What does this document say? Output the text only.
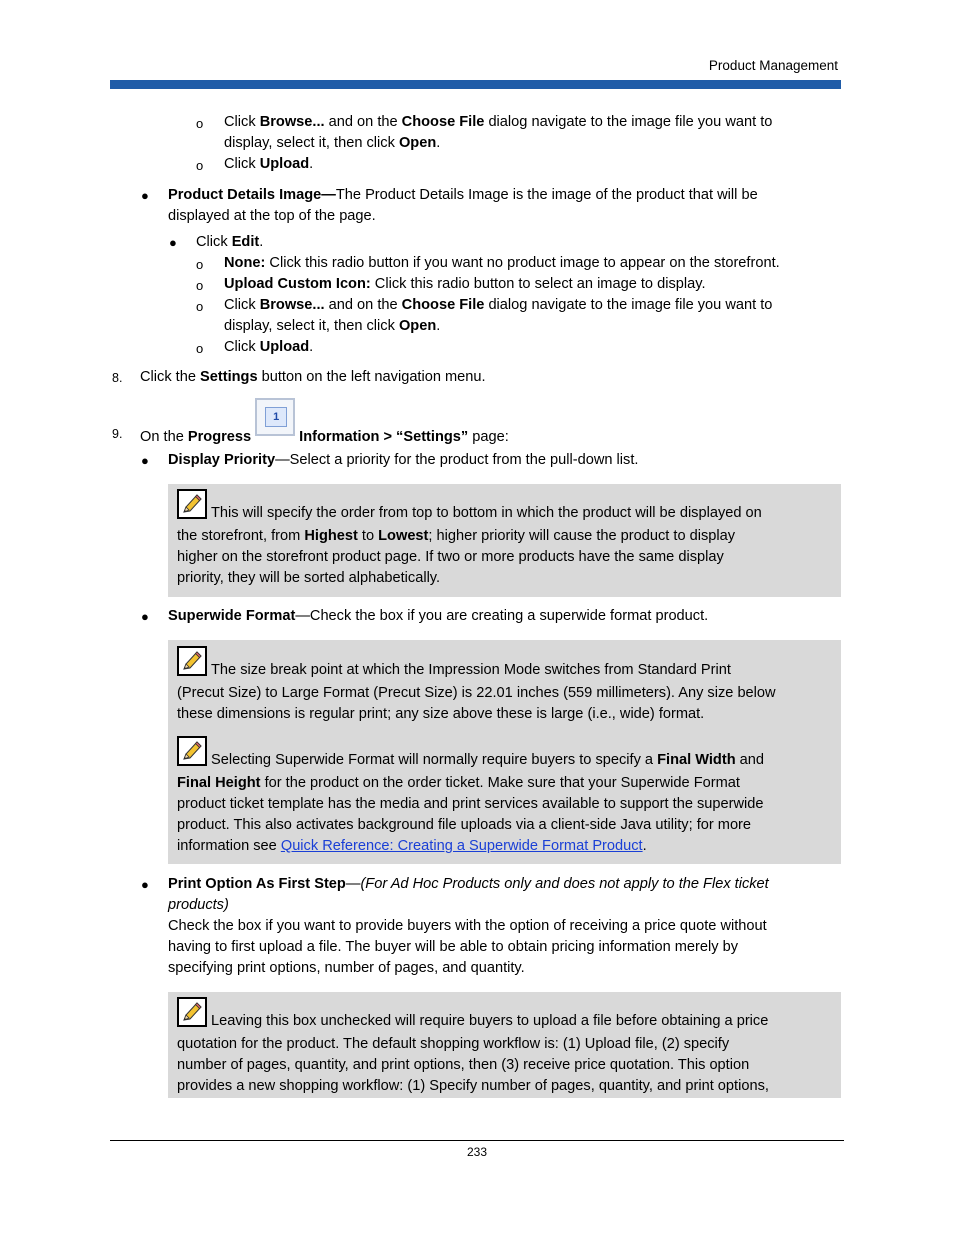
Product Management
o Click Browse... and on the Choose File dialog navigate to the image file you want to
display, select it, then click Open.
o Click Upload.
● Product Details Image—The Product Details Image is the image of the product that will be
displayed at the top of the page.
● Click Edit.
o None: Click this radio button if you want no product image to appear on the storefront.
o Upload Custom Icon: Click this radio button to select an image to display.
o Click Browse... and on the Choose File dialog navigate to the image file you want to
display, select it, then click Open.
o Click Upload.
8. Click the Settings button on the left navigation menu.
9. On the Progress
1
Information > “Settings” page:
● Display Priority—Select a priority for the product from the pull-down list.
This will specify the order from top to bottom in which the product will be displayed on
the storefront, from Highest to Lowest; higher priority will cause the product to display
higher on the storefront product page. If two or more products have the same display
priority, they will be sorted alphabetically.
● Superwide Format—Check the box if you are creating a superwide format product.
The size break point at which the Impression Mode switches from Standard Print
(Precut Size) to Large Format (Precut Size) is 22.01 inches (559 millimeters). Any size below
these dimensions is regular print; any size above these is large (i.e., wide) format.
Selecting Superwide Format will normally require buyers to specify a Final Width and
Final Height for the product on the order ticket. Make sure that your Superwide Format
product ticket template has the media and print services available to support the superwide
product. This also activates background file uploads via a client-side Java utility; for more
information see Quick Reference: Creating a Superwide Format Product.
● Print Option As First Step—(For Ad Hoc Products only and does not apply to the Flex ticket
products)
Check the box if you want to provide buyers with the option of receiving a price quote without
having to first upload a file. The buyer will be able to obtain pricing information merely by
specifying print options, number of pages, and quantity.
Leaving this box unchecked will require buyers to upload a file before obtaining a price
quotation for the product. The default shopping workflow is: (1) Upload file, (2) specify
number of pages, quantity, and print options, then (3) receive price quotation. This option
provides a new shopping workflow: (1) Specify number of pages, quantity, and print options,
233
